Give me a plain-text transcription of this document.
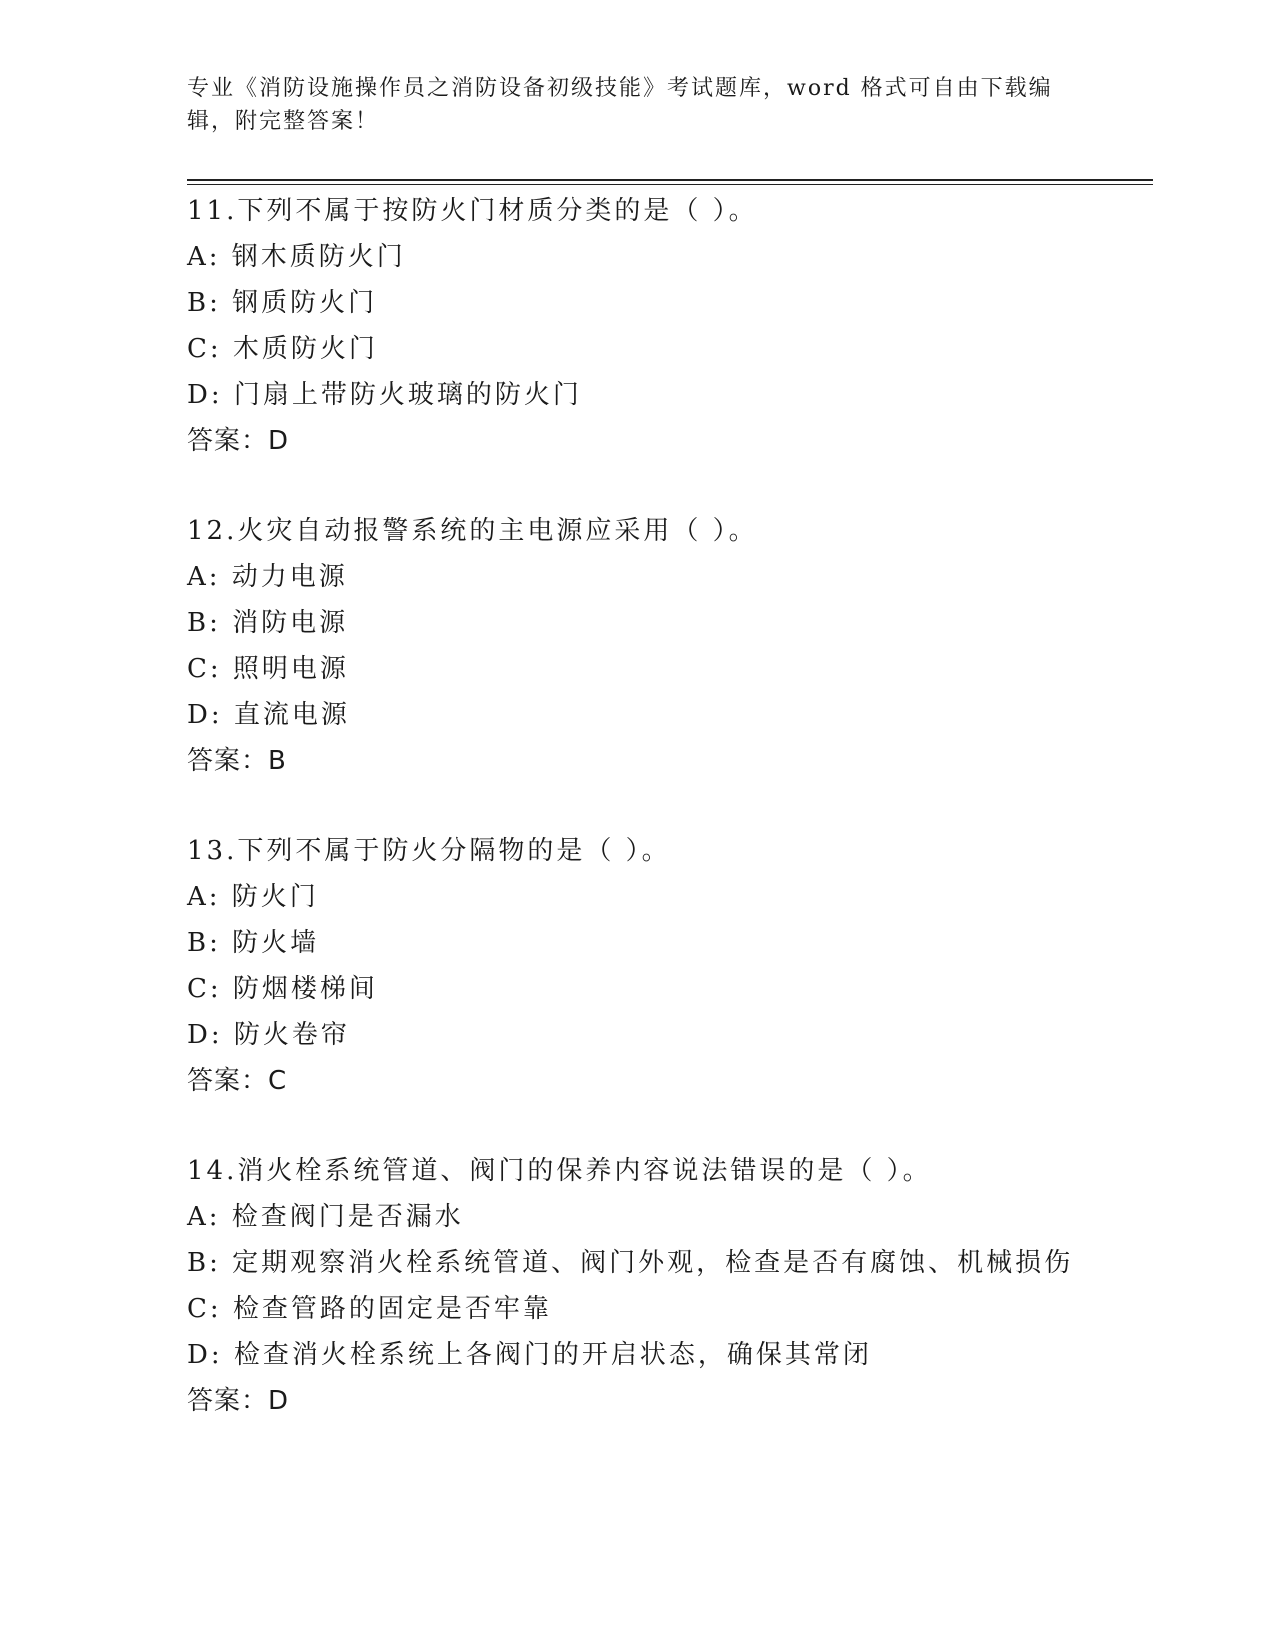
专业《消防设施操作员之消防设备初级技能》考试题库，word 格式可自由下载编辑，附完整答案！
11.下列不属于按防火门材质分类的是（ ）。
A: 钢木质防火门
B: 钢质防火门
C: 木质防火门
D: 门扇上带防火玻璃的防火门
答案：D
12.火灾自动报警系统的主电源应采用（ ）。
A: 动力电源
B: 消防电源
C: 照明电源
D: 直流电源
答案：B
13.下列不属于防火分隔物的是（ ）。
A: 防火门
B: 防火墙
C: 防烟楼梯间
D: 防火卷帘
答案：C
14.消火栓系统管道、阀门的保养内容说法错误的是（ ）。
A: 检查阀门是否漏水
B: 定期观察消火栓系统管道、阀门外观，检查是否有腐蚀、机械损伤
C: 检查管路的固定是否牢靠
D: 检查消火栓系统上各阀门的开启状态，确保其常闭
答案：D
